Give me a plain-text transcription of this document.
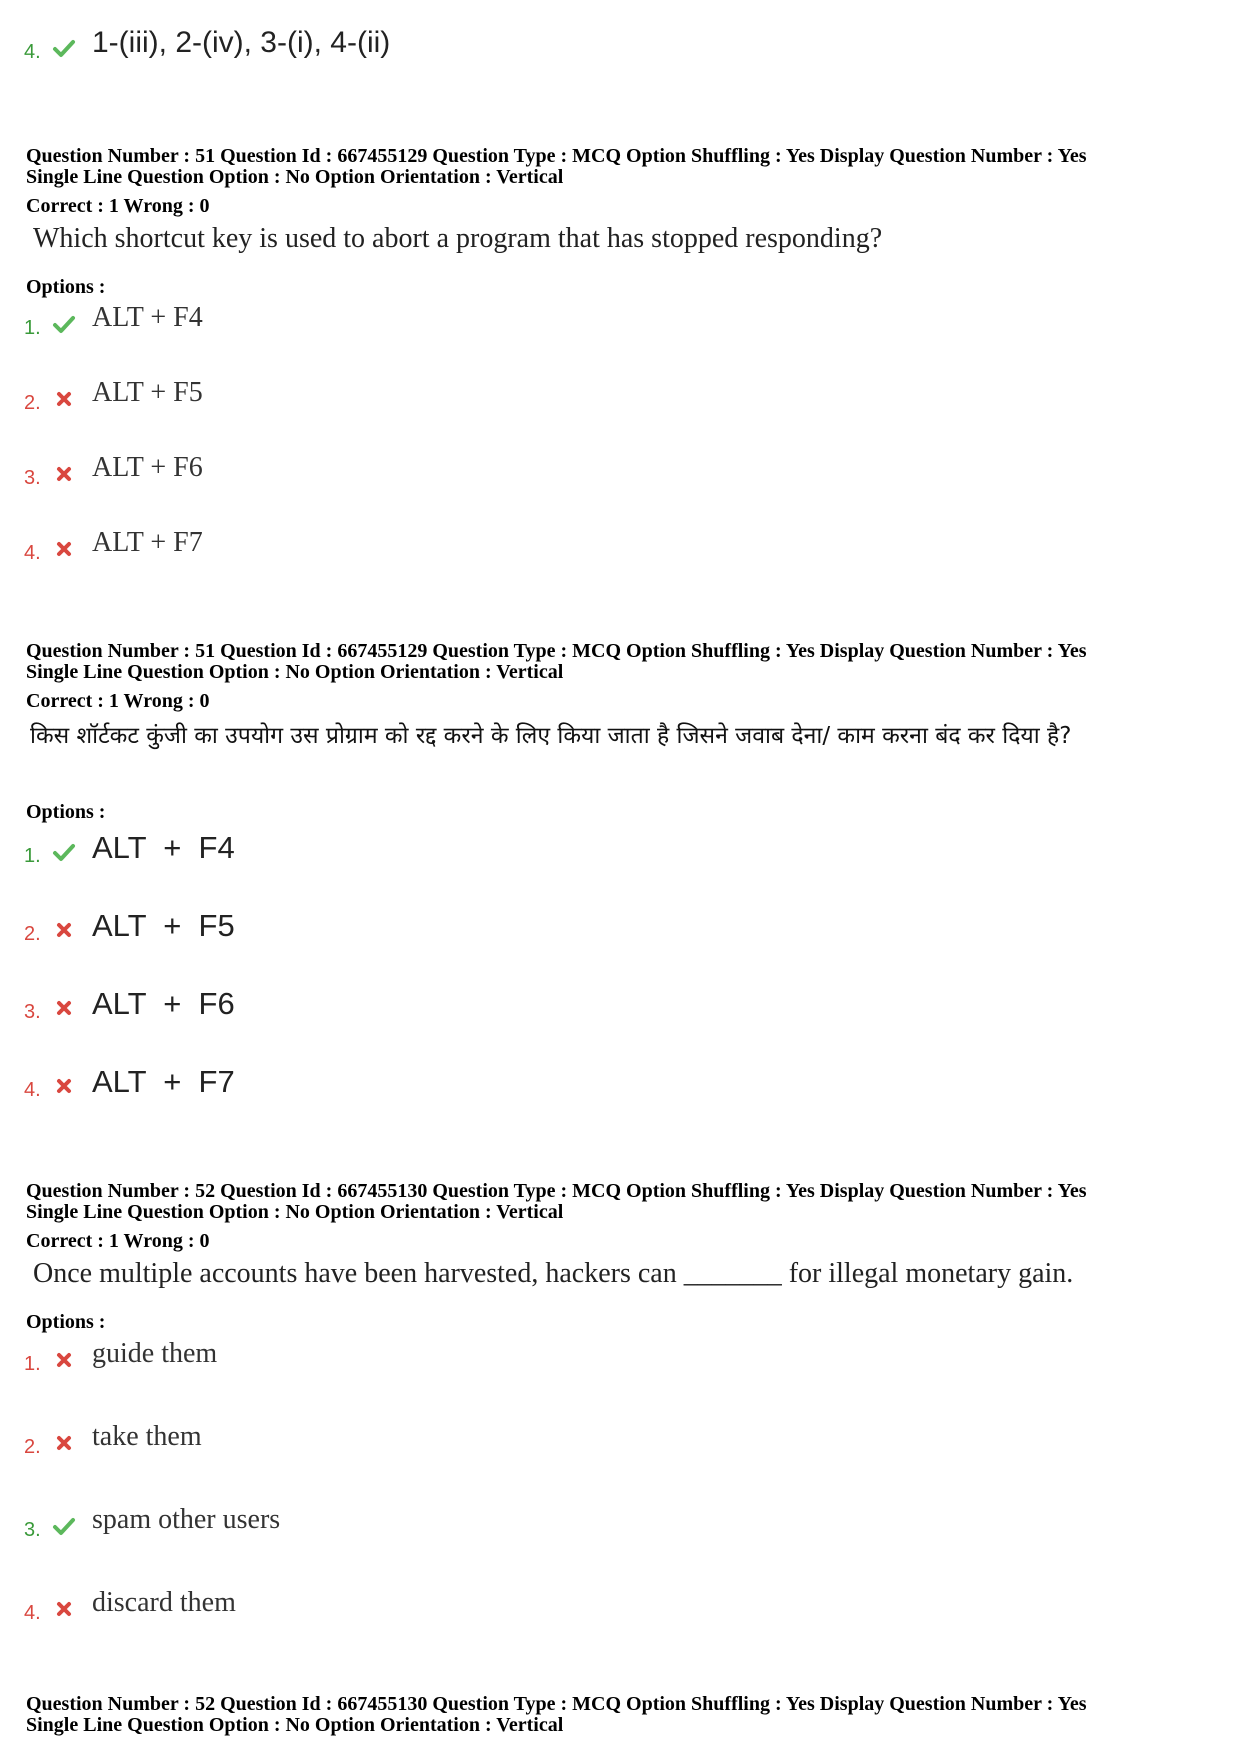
4. 1-(iii), 2-(iv), 3-(i), 4-(ii)
Question Number : 51 Question Id : 667455129 Question Type : MCQ Option Shuffling : Yes Display Question Number : Yes
Single Line Question Option : No Option Orientation : Vertical
Correct : 1 Wrong : 0
Which shortcut key is used to abort a program that has stopped responding?
Options :
1. ALT + F4
2. ALT + F5
3. ALT + F6
4. ALT + F7
Question Number : 51 Question Id : 667455129 Question Type : MCQ Option Shuffling : Yes Display Question Number : Yes
Single Line Question Option : No Option Orientation : Vertical
Correct : 1 Wrong : 0
किस शॉर्टकट कुंजी का उपयोग उस प्रोग्राम को रद्द करने के लिए किया जाता है जिसने जवाब देना/ काम करना बंद कर दिया है?
Options :
1. ALT  +  F4
2. ALT  +  F5
3. ALT  +  F6
4. ALT  +  F7
Question Number : 52 Question Id : 667455130 Question Type : MCQ Option Shuffling : Yes Display Question Number : Yes
Single Line Question Option : No Option Orientation : Vertical
Correct : 1 Wrong : 0
Once multiple accounts have been harvested, hackers can _______ for illegal monetary gain.
Options :
1. guide them
2. take them
3. spam other users
4. discard them
Question Number : 52 Question Id : 667455130 Question Type : MCQ Option Shuffling : Yes Display Question Number : Yes
Single Line Question Option : No Option Orientation : Vertical
